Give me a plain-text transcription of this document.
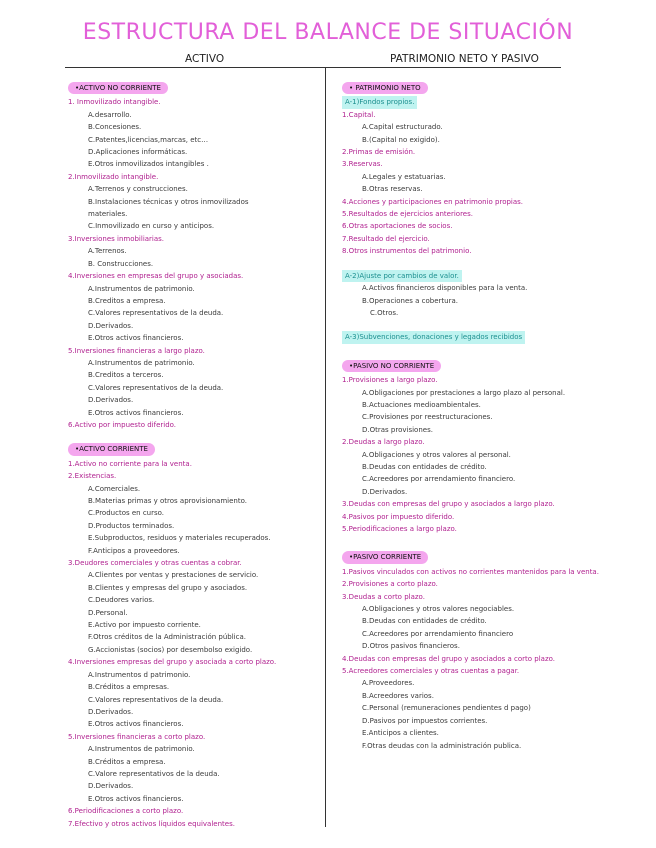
ESTRUCTURA DEL BALANCE DE SITUACIÓN
ACTIVO	PATRIMONIO NETO Y PASIVO
•ACTIVO NO CORRIENTE
1. Inmovilizado intangible.
A.desarrollo.
B.Concesiones.
C.Patentes,licencias,marcas, etc…
D.Aplicaciones informáticas.
E.Otros inmovilizados intangibles .
2.Inmovilizado intangible.
A.Terrenos y construcciones.
B.Instalaciones técnicas y otros inmovilizados
materiales.
C.Inmovilizado en curso y anticipos.
3.Inversiones inmobiliarias.
A.Terrenos.
B. Construcciones.
4.Inversiones en empresas del grupo y asociadas.
A.Instrumentos de patrimonio.
B.Creditos a empresa.
C.Valores representativos de la deuda.
D.Derivados.
E.Otros activos financieros.
5.Inversiones financieras a largo plazo.
A.Instrumentos de patrimonio.
B.Creditos a terceros.
C.Valores representativos de la deuda.
D.Derivados.
E.Otros activos financieros.
6.Activo por impuesto diferido.
•ACTIVO CORRIENTE
1.Activo no corriente para la venta.
2.Existencias.
A.Comerciales.
B.Materias primas y otros aprovisionamiento.
C.Productos en curso.
D.Productos terminados.
E.Subproductos, residuos y materiales recuperados.
F.Anticipos a proveedores.
3.Deudores comerciales y otras cuentas a cobrar.
A.Clientes por ventas y prestaciones de servicio.
B.Clientes y empresas del grupo y asociados.
C.Deudores varios.
D.Personal.
E.Activo por impuesto corriente.
F.Otros créditos de la Administración pública.
G.Accionistas (socios) por desembolso exigido.
4.Inversiones empresas del grupo y asociada a corto plazo.
A.Instrumentos d patrimonio.
B.Créditos a empresas.
C.Valores representativos de la deuda.
D.Derivados.
E.Otros activos financieros.
5.Inversiones financieras a corto plazo.
A.Instrumentos de patrimonio.
B.Créditos a empresa.
C.Valore representativos de la deuda.
D.Derivados.
E.Otros activos financieros.
6.Periodificaciones a corto plazo.
7.Efectivo y otros activos líquidos equivalentes.
• PATRIMONIO NETO
A-1)Fondos propios.
1.Capital.
A.Capital estructurado.
B.(Capital no exigido).
2.Primas de emisión.
3.Reservas.
A.Legales y estatuarias.
B.Otras reservas.
4.Acciones y participaciones en patrimonio propias.
5.Resultados de ejercicios anteriores.
6.Otras aportaciones de socios.
7.Resultado del ejercicio.
8.Otros instrumentos del patrimonio.
A-2)Ajuste por cambios de valor.
A.Activos financieros disponibles para la venta.
B.Operaciones a cobertura.
C.Otros.
A-3)Subvenciones, donaciones y legados recibidos
•PASIVO NO CORRIENTE
1.Provisiones a largo plazo.
A.Obligaciones por prestaciones a largo plazo al personal.
B.Actuaciones medioambientales.
C.Provisiones por reestructuraciones.
D.Otras provisiones.
2.Deudas a largo plazo.
A.Obligaciones y otros valores al personal.
B.Deudas con entidades de crédito.
C.Acreedores por arrendamiento financiero.
D.Derivados.
3.Deudas con empresas del grupo y asociados a largo plazo.
4.Pasivos por impuesto diferido.
5.Periodificaciones a largo plazo.
•PASIVO CORRIENTE
1.Pasivos vinculados con activos no corrientes mantenidos para la venta.
2.Provisiones a corto plazo.
3.Deudas a corto plazo.
A.Obligaciones y otros valores negociables.
B.Deudas con entidades de crédito.
C.Acreedores por arrendamiento financiero
D.Otros pasivos financieros.
4.Deudas con empresas del grupo y asociados a corto plazo.
5.Acreedores comerciales y otras cuentas a pagar.
A.Proveedores.
B.Acreedores varios.
C.Personal (remuneraciones pendientes d pago)
D.Pasivos por impuestos corrientes.
E.Anticipos a clientes.
F.Otras deudas con la administración publica.
